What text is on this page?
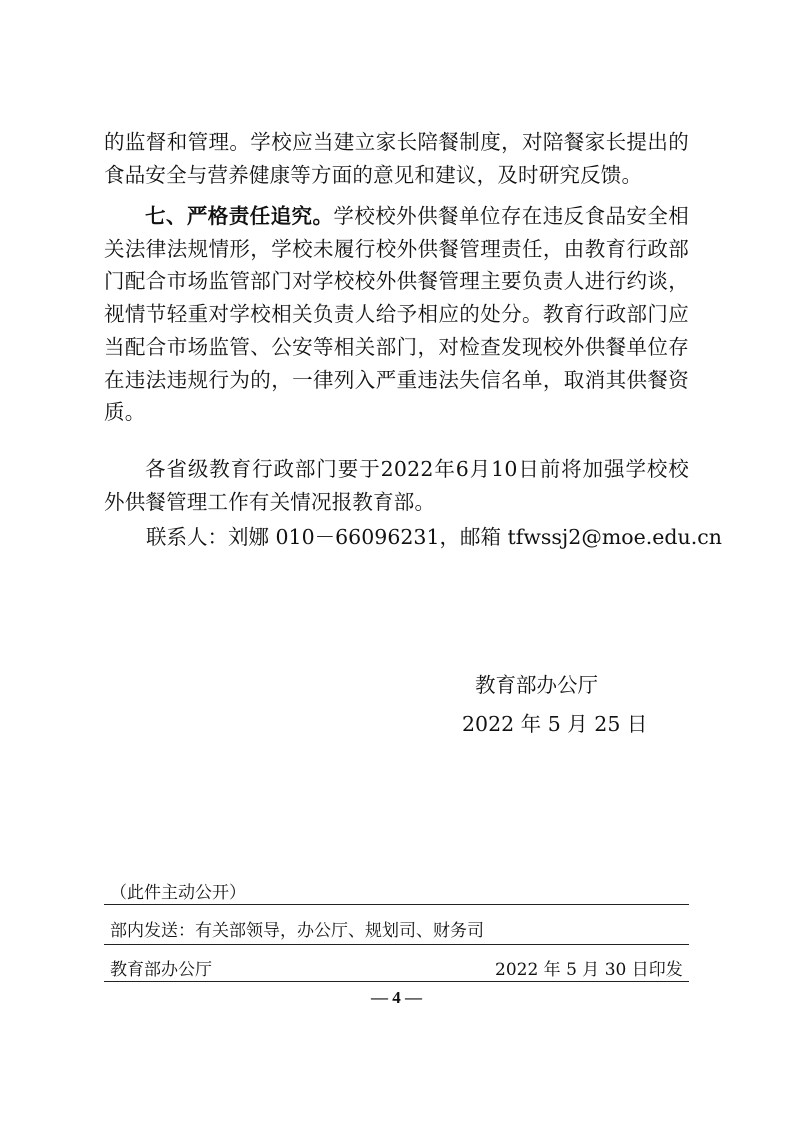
的监督和管理。学校应当建立家长陪餐制度，对陪餐家长提出的食品安全与营养健康等方面的意见和建议，及时研究反馈。

七、严格责任追究。学校校外供餐单位存在违反食品安全相关法律法规情形，学校未履行校外供餐管理责任，由教育行政部门配合市场监管部门对学校校外供餐管理主要负责人进行约谈，视情节轻重对学校相关负责人给予相应的处分。教育行政部门应当配合市场监管、公安等相关部门，对检查发现校外供餐单位存在违法违规行为的，一律列入严重违法失信名单，取消其供餐资质。

各省级教育行政部门要于2022年6月10日前将加强学校校外供餐管理工作有关情况报教育部。

联系人：刘娜 010－66096231，邮箱 tfwssj2@moe.edu.cn
教育部办公厅
2022 年 5 月 25 日
（此件主动公开）
部内发送：有关部领导，办公厅、规划司、财务司
教育部办公厅	2022 年 5 月 30 日印发
— 4 —
